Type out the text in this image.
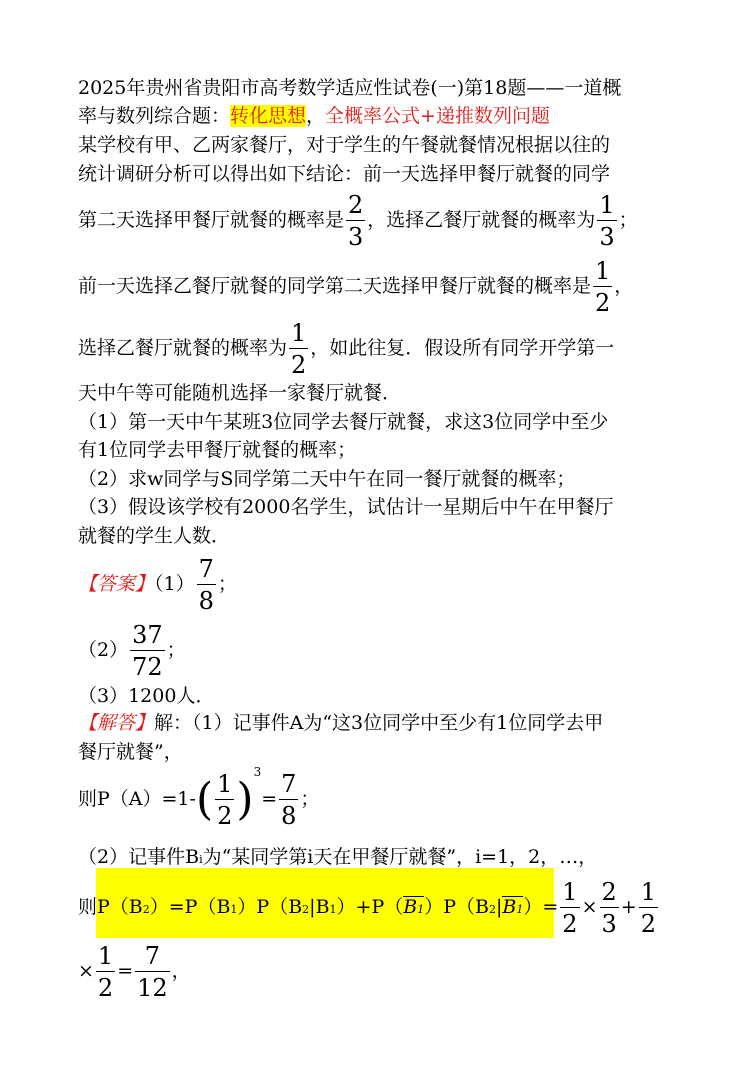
2025年贵州省贵阳市高考数学适应性试卷(一)第18题——一道概
率与数列综合题：转化思想，全概率公式+递推数列问题
某学校有甲、乙两家餐厅，对于学生的午餐就餐情况根据以往的
统计调研分析可以得出如下结论：前一天选择甲餐厅就餐的同学
第二天选择甲餐厅就餐的概率是 $\frac{2}{3}$ ，选择乙餐厅就餐的概率为 $\frac{1}{3}$ ；
前一天选择乙餐厅就餐的同学第二天选择甲餐厅就餐的概率是 $\frac{1}{2}$ ，
选择乙餐厅就餐的概率为 $\frac{1}{2}$ ，如此往复．假设所有同学开学第一
天中午等可能随机选择一家餐厅就餐．
（1）第一天中午某班3位同学去餐厅就餐，求这3位同学中至少
有1位同学去甲餐厅就餐的概率；
（2）求w同学与S同学第二天中午在同一餐厅就餐的概率；
（3）假设该学校有2000名学生，试估计一星期后中午在甲餐厅
就餐的学生人数．
【答案】$(1) \frac{7}{8}$ ；
$(2) \frac{37}{72}$ ；
（3）1200人．
【解答】解：（1）记事件A为“这3位同学中至少有1位同学去甲
餐厅就餐”，
则$P(A)=1-( \frac{1}{2} )^3= \frac{7}{8}$ ；
（2）记事件Bi为“某同学第i天在甲餐厅就餐”，i=1，2，…，
则$P(B2)=P(B1)P(B2|B1)+P(B1)P(B2|B1)= \frac{1}{2} \times \frac{2}{3} + \frac{1}{2}$
× $\frac{1}{2} = \frac{7}{12}$ ，
